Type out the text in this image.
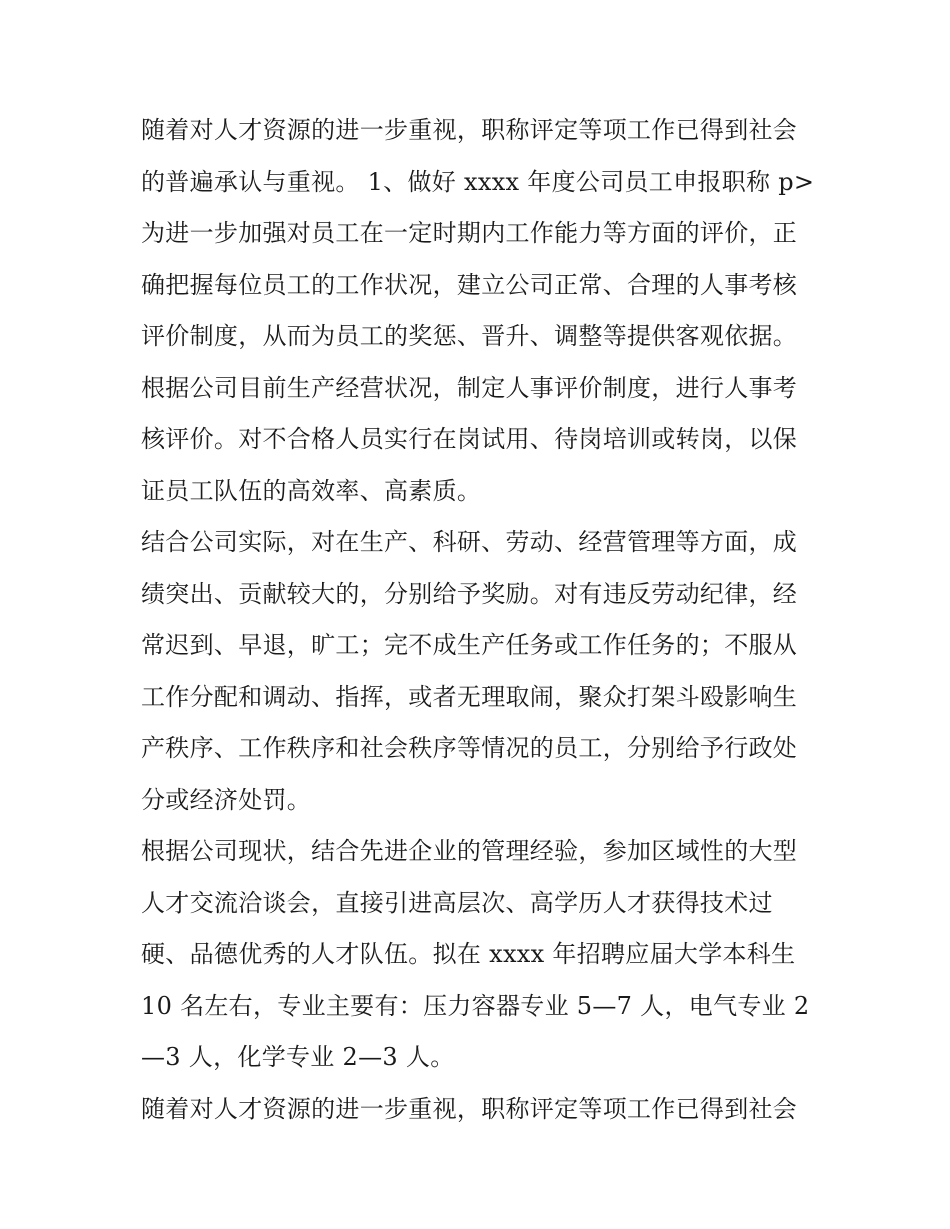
随着对人才资源的进一步重视，职称评定等项工作已得到社会
的普遍承认与重视。 1、做好 xxxx 年度公司员工申报职称 p>
为进一步加强对员工在一定时期内工作能力等方面的评价，正
确把握每位员工的工作状况，建立公司正常、合理的人事考核
评价制度，从而为员工的奖惩、晋升、调整等提供客观依据。
根据公司目前生产经营状况，制定人事评价制度，进行人事考
核评价。对不合格人员实行在岗试用、待岗培训或转岗，以保
证员工队伍的高效率、高素质。
结合公司实际，对在生产、科研、劳动、经营管理等方面，成
绩突出、贡献较大的，分别给予奖励。对有违反劳动纪律，经
常迟到、早退，旷工；完不成生产任务或工作任务的；不服从
工作分配和调动、指挥，或者无理取闹，聚众打架斗殴影响生
产秩序、工作秩序和社会秩序等情况的员工，分别给予行政处
分或经济处罚。
根据公司现状，结合先进企业的管理经验，参加区域性的大型
人才交流洽谈会，直接引进高层次、高学历人才获得技术过
硬、品德优秀的人才队伍。拟在 xxxx 年招聘应届大学本科生
10 名左右，专业主要有：压力容器专业 5—7 人，电气专业 2
—3 人，化学专业 2—3 人。
随着对人才资源的进一步重视，职称评定等项工作已得到社会
